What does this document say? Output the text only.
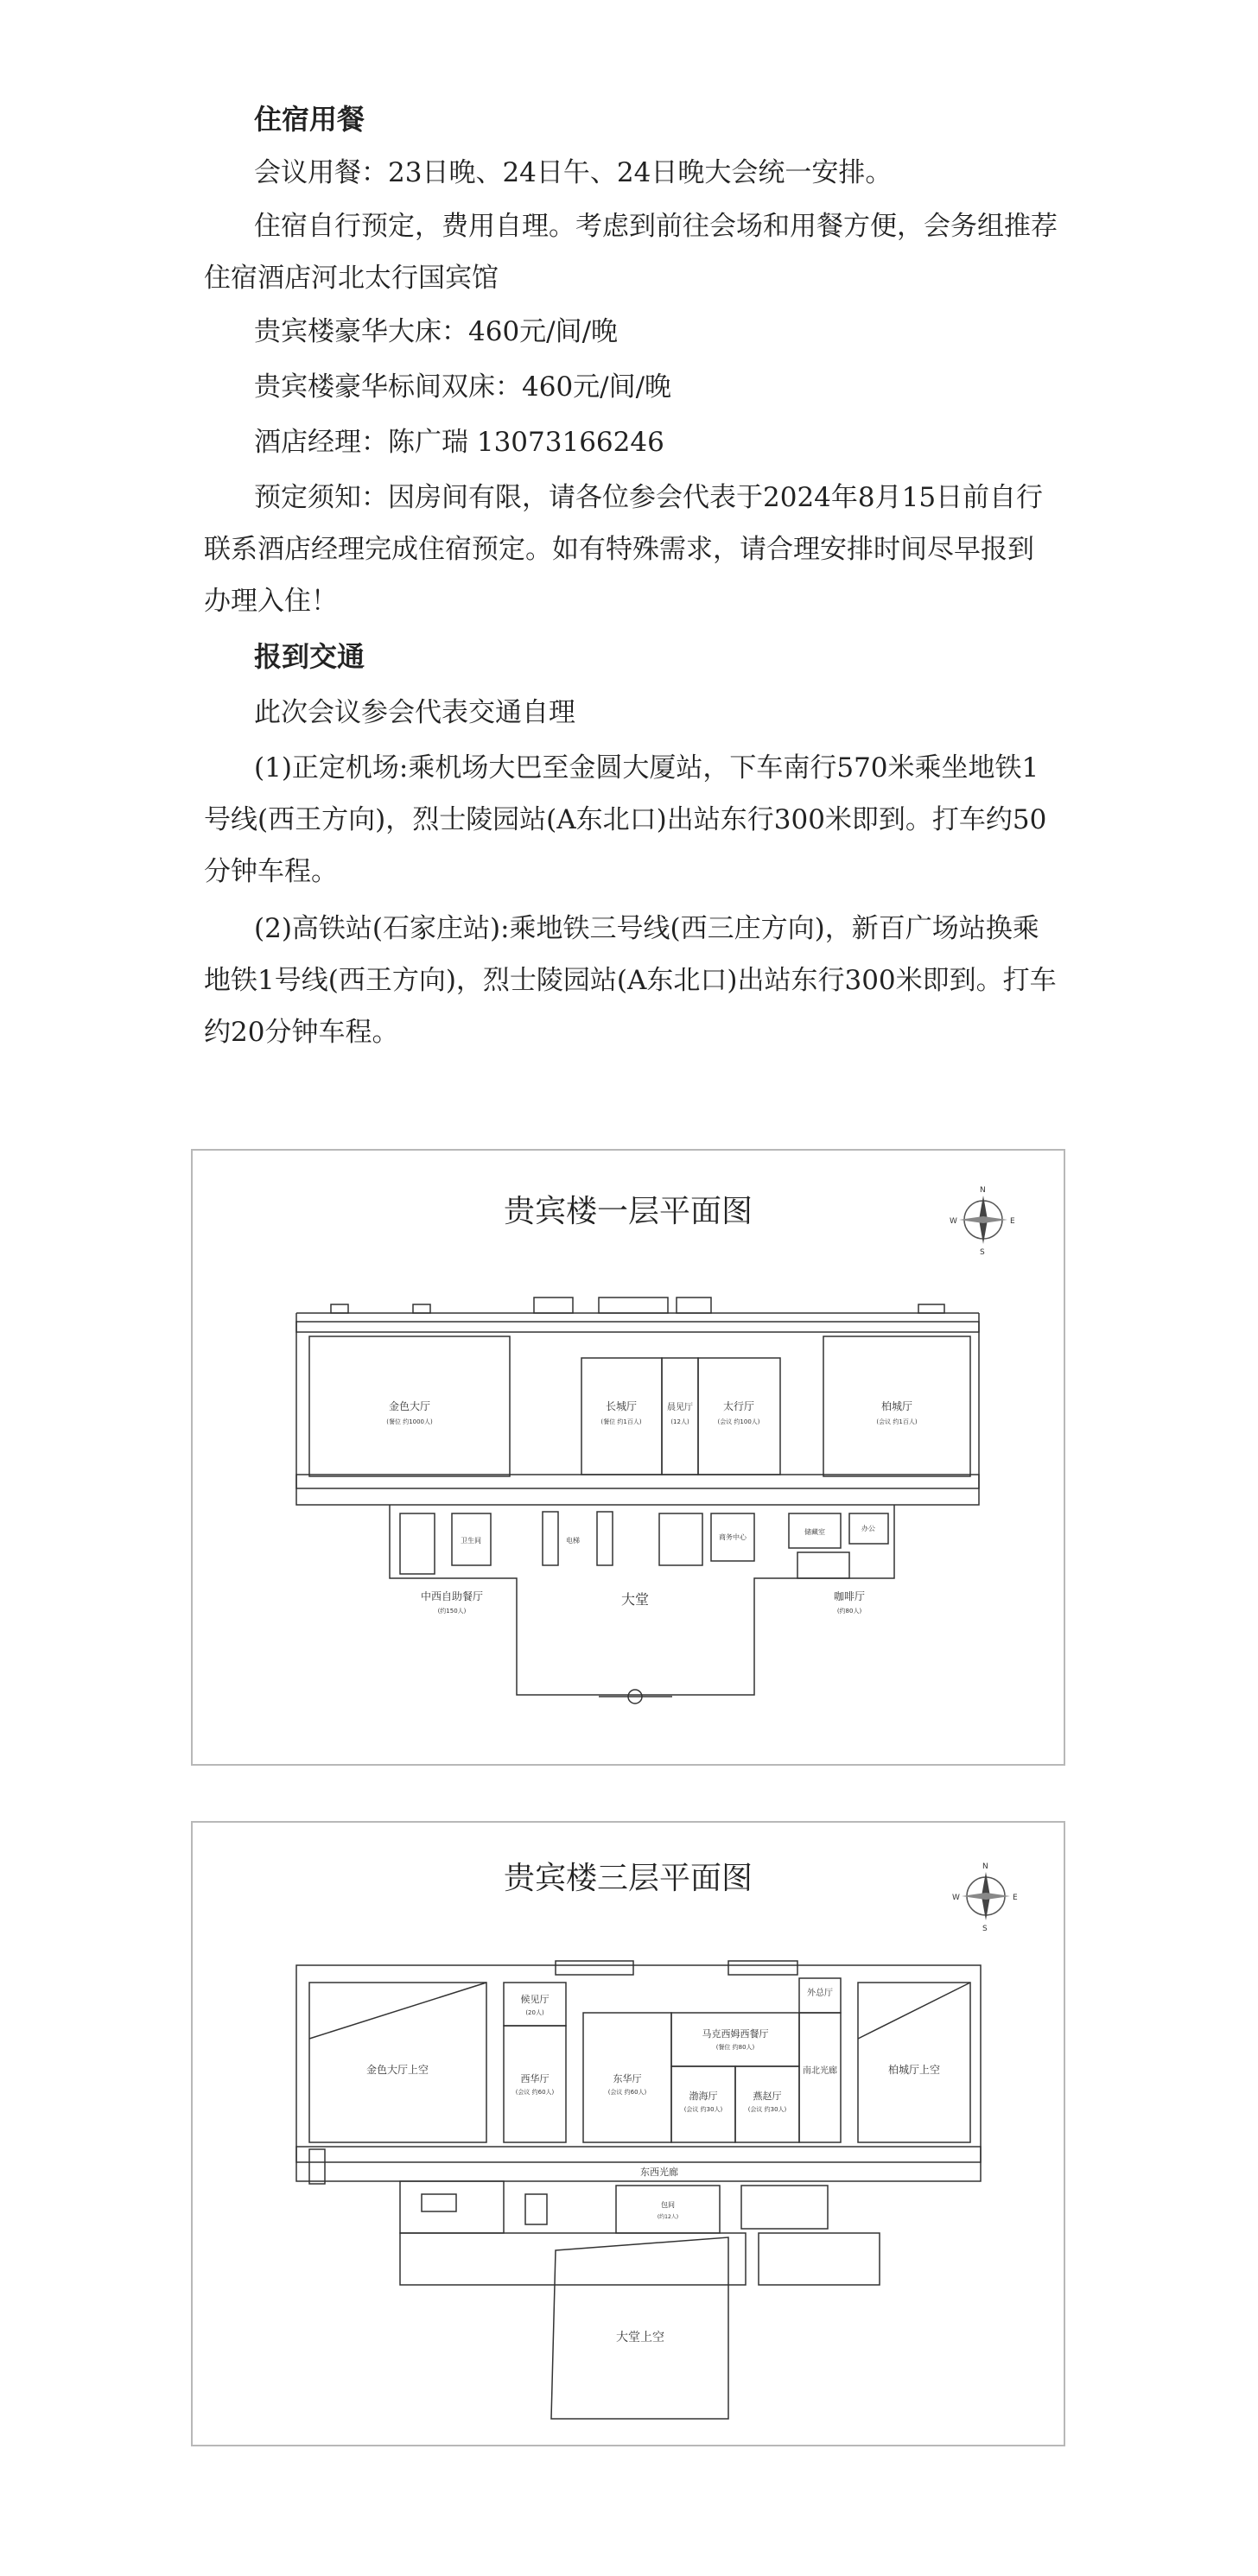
住宿用餐

会议用餐：23日晚、24日午、24日晚大会统一安排。

住宿自行预定，费用自理。考虑到前往会场和用餐方便，会务组推荐住宿酒店河北太行国宾馆

贵宾楼豪华大床：460元/间/晚

贵宾楼豪华标间双床：460元/间/晚

酒店经理：陈广瑞 13073166246

预定须知：因房间有限，请各位参会代表于2024年8月15日前自行联系酒店经理完成住宿预定。如有特殊需求，请合理安排时间尽早报到办理入住！

报到交通

此次会议参会代表交通自理

(1)正定机场:乘机场大巴至金圆大厦站，下车南行570米乘坐地铁1号线(西王方向)，烈士陵园站(A东北口)出站东行300米即到。打车约50分钟车程。

(2)高铁站(石家庄站):乘地铁三号线(西三庄方向)，新百广场站换乘地铁1号线(西王方向)，烈士陵园站(A东北口)出站东行300米即到。打车约20分钟车程。

贵宾楼一层平面图
N
S
E
W
金色大厅
(餐位 约1000人)
长城厅
(餐位 约1百人)
晨见厅
(12人)
太行厅
(会议 约100人)
柏城厅
(会议 约1百人)
中西自助餐厅
(约150人)
大堂	咖啡厅
(约80人)
电梯	商务中心
储藏室	办公
卫生间
贵宾楼三层平面图	N
S
E
W
金色大厅上空
候见厅
(20人)
西华厅
(会议 约60人)
东华厅
(会议 约60人)
马克西姆西餐厅
(餐位 约80人)
渤海厅
(会议 约30人)
燕赵厅
(会议 约30人)
外总厅
南北光廊	柏城厅上空
东西光廊
大堂上空
包间
(约12人)
